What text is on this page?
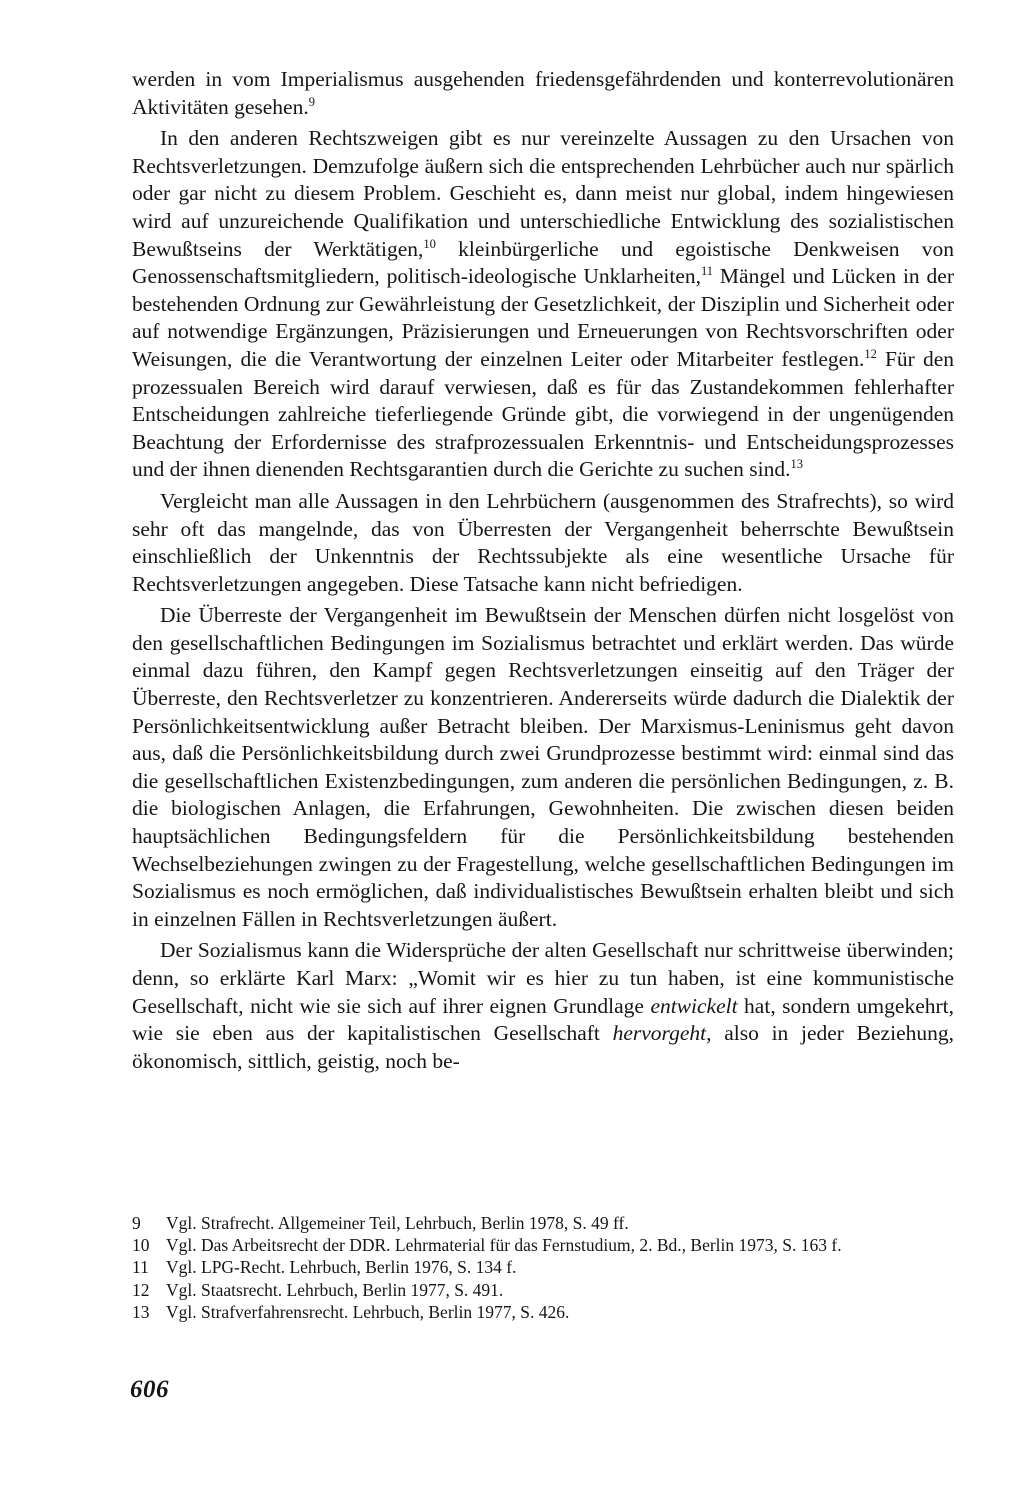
werden in vom Imperialismus ausgehenden friedensgefährdenden und konterrevolutionären Aktivitäten gesehen.$^9$

In den anderen Rechtszweigen gibt es nur vereinzelte Aussagen zu den Ursachen von Rechtsverletzungen. Demzufolge äußern sich die entsprechenden Lehrbücher auch nur spärlich oder gar nicht zu diesem Problem. Geschieht es, dann meist nur global, indem hingewiesen wird auf unzureichende Qualifikation und unterschiedliche Entwicklung des sozialistischen Bewußtseins der Werktätigen,$^{10}$ kleinbürgerliche und egoistische Denkweisen von Genossenschaftsmitgliedern, politisch-ideologische Unklarheiten,$^{11}$ Mängel und Lücken in der bestehenden Ordnung zur Gewährleistung der Gesetzlichkeit, der Disziplin und Sicherheit oder auf notwendige Ergänzungen, Präzisierungen und Erneuerungen von Rechtsvorschriften oder Weisungen, die die Verantwortung der einzelnen Leiter oder Mitarbeiter festlegen.$^{12}$ Für den prozessualen Bereich wird darauf verwiesen, daß es für das Zustandekommen fehlerhafter Entscheidungen zahlreiche tieferliegende Gründe gibt, die vorwiegend in der ungenügenden Beachtung der Erfordernisse des strafprozessualen Erkenntnis- und Entscheidungsprozesses und der ihnen dienenden Rechtsgarantien durch die Gerichte zu suchen sind.$^{13}$

Vergleicht man alle Aussagen in den Lehrbüchern (ausgenommen des Strafrechts), so wird sehr oft das mangelnde, das von Überresten der Vergangenheit beherrschte Bewußtsein einschließlich der Unkenntnis der Rechtssubjekte als eine wesentliche Ursache für Rechtsverletzungen angegeben. Diese Tatsache kann nicht befriedigen.

Die Überreste der Vergangenheit im Bewußtsein der Menschen dürfen nicht losgelöst von den gesellschaftlichen Bedingungen im Sozialismus betrachtet und erklärt werden. Das würde einmal dazu führen, den Kampf gegen Rechtsverletzungen einseitig auf den Träger der Überreste, den Rechtsverletzer zu konzentrieren. Andererseits würde dadurch die Dialektik der Persönlichkeitsentwicklung außer Betracht bleiben. Der Marxismus-Leninismus geht davon aus, daß die Persönlichkeitsbildung durch zwei Grundprozesse bestimmt wird: einmal sind das die gesellschaftlichen Existenzbedingungen, zum anderen die persönlichen Bedingungen, z. B. die biologischen Anlagen, die Erfahrungen, Gewohnheiten. Die zwischen diesen beiden hauptsächlichen Bedingungsfeldern für die Persönlichkeitsbildung bestehenden Wechselbeziehungen zwingen zu der Fragestellung, welche gesellschaftlichen Bedingungen im Sozialismus es noch ermöglichen, daß individualistisches Bewußtsein erhalten bleibt und sich in einzelnen Fällen in Rechtsverletzungen äußert.

Der Sozialismus kann die Widersprüche der alten Gesellschaft nur schrittweise überwinden; denn, so erklärte Karl Marx: „Womit wir es hier zu tun haben, ist eine kommunistische Gesellschaft, nicht wie sie sich auf ihrer eignen Grundlage entwickelt hat, sondern umgekehrt, wie sie eben aus der kapitalistischen Gesellschaft hervorgeht, also in jeder Beziehung, ökonomisch, sittlich, geistig, noch be-

9	Vgl. Strafrecht. Allgemeiner Teil, Lehrbuch, Berlin 1978, S. 49 ff.
10 Vgl. Das Arbeitsrecht der DDR. Lehrmaterial für das Fernstudium, 2. Bd., Berlin 1973, S. 163 f.
11 Vgl. LPG-Recht. Lehrbuch, Berlin 1976, S. 134 f.
12 Vgl. Staatsrecht. Lehrbuch, Berlin 1977, S. 491.
13 Vgl. Strafverfahrensrecht. Lehrbuch, Berlin 1977, S. 426.
606
